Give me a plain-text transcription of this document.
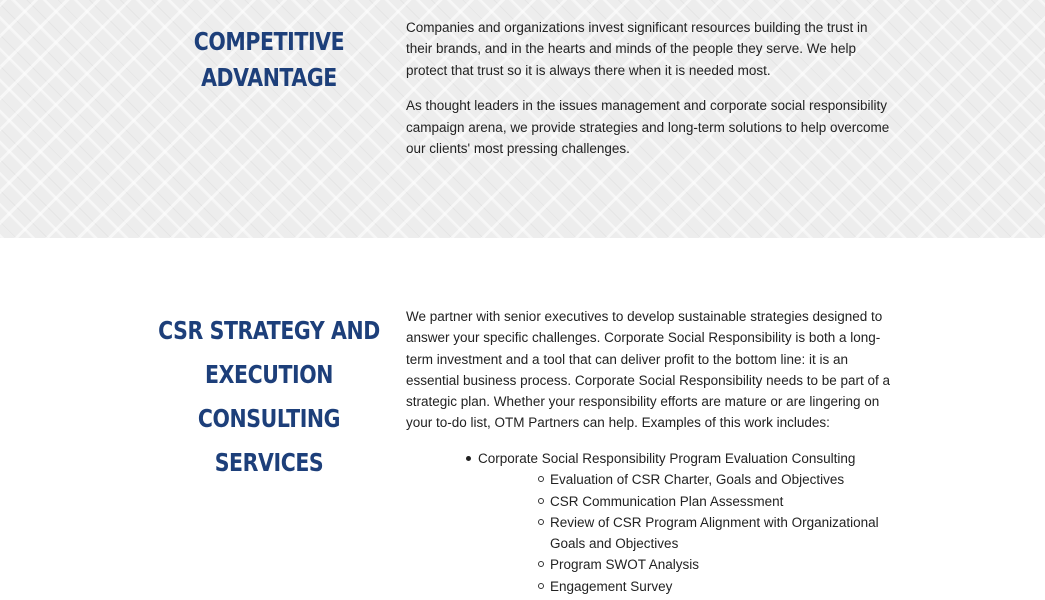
COMPETITIVE ADVANTAGE

Companies and organizations invest significant resources building the trust in their brands, and in the hearts and minds of the people they serve. We help protect that trust so it is always there when it is needed most.

As thought leaders in the issues management and corporate social responsibility campaign arena, we provide strategies and long-term solutions to help overcome our clients' most pressing challenges.

CSR STRATEGY AND EXECUTION CONSULTING SERVICES

We partner with senior executives to develop sustainable strategies designed to answer your specific challenges. Corporate Social Responsibility is both a long-term investment and a tool that can deliver profit to the bottom line: it is an essential business process. Corporate Social Responsibility needs to be part of a strategic plan. Whether your responsibility efforts are mature or are lingering on your to-do list, OTM Partners can help. Examples of this work includes:

Corporate Social Responsibility Program Evaluation Consulting
Evaluation of CSR Charter, Goals and Objectives
CSR Communication Plan Assessment
Review of CSR Program Alignment with Organizational Goals and Objectives
Program SWOT Analysis
Engagement Survey
